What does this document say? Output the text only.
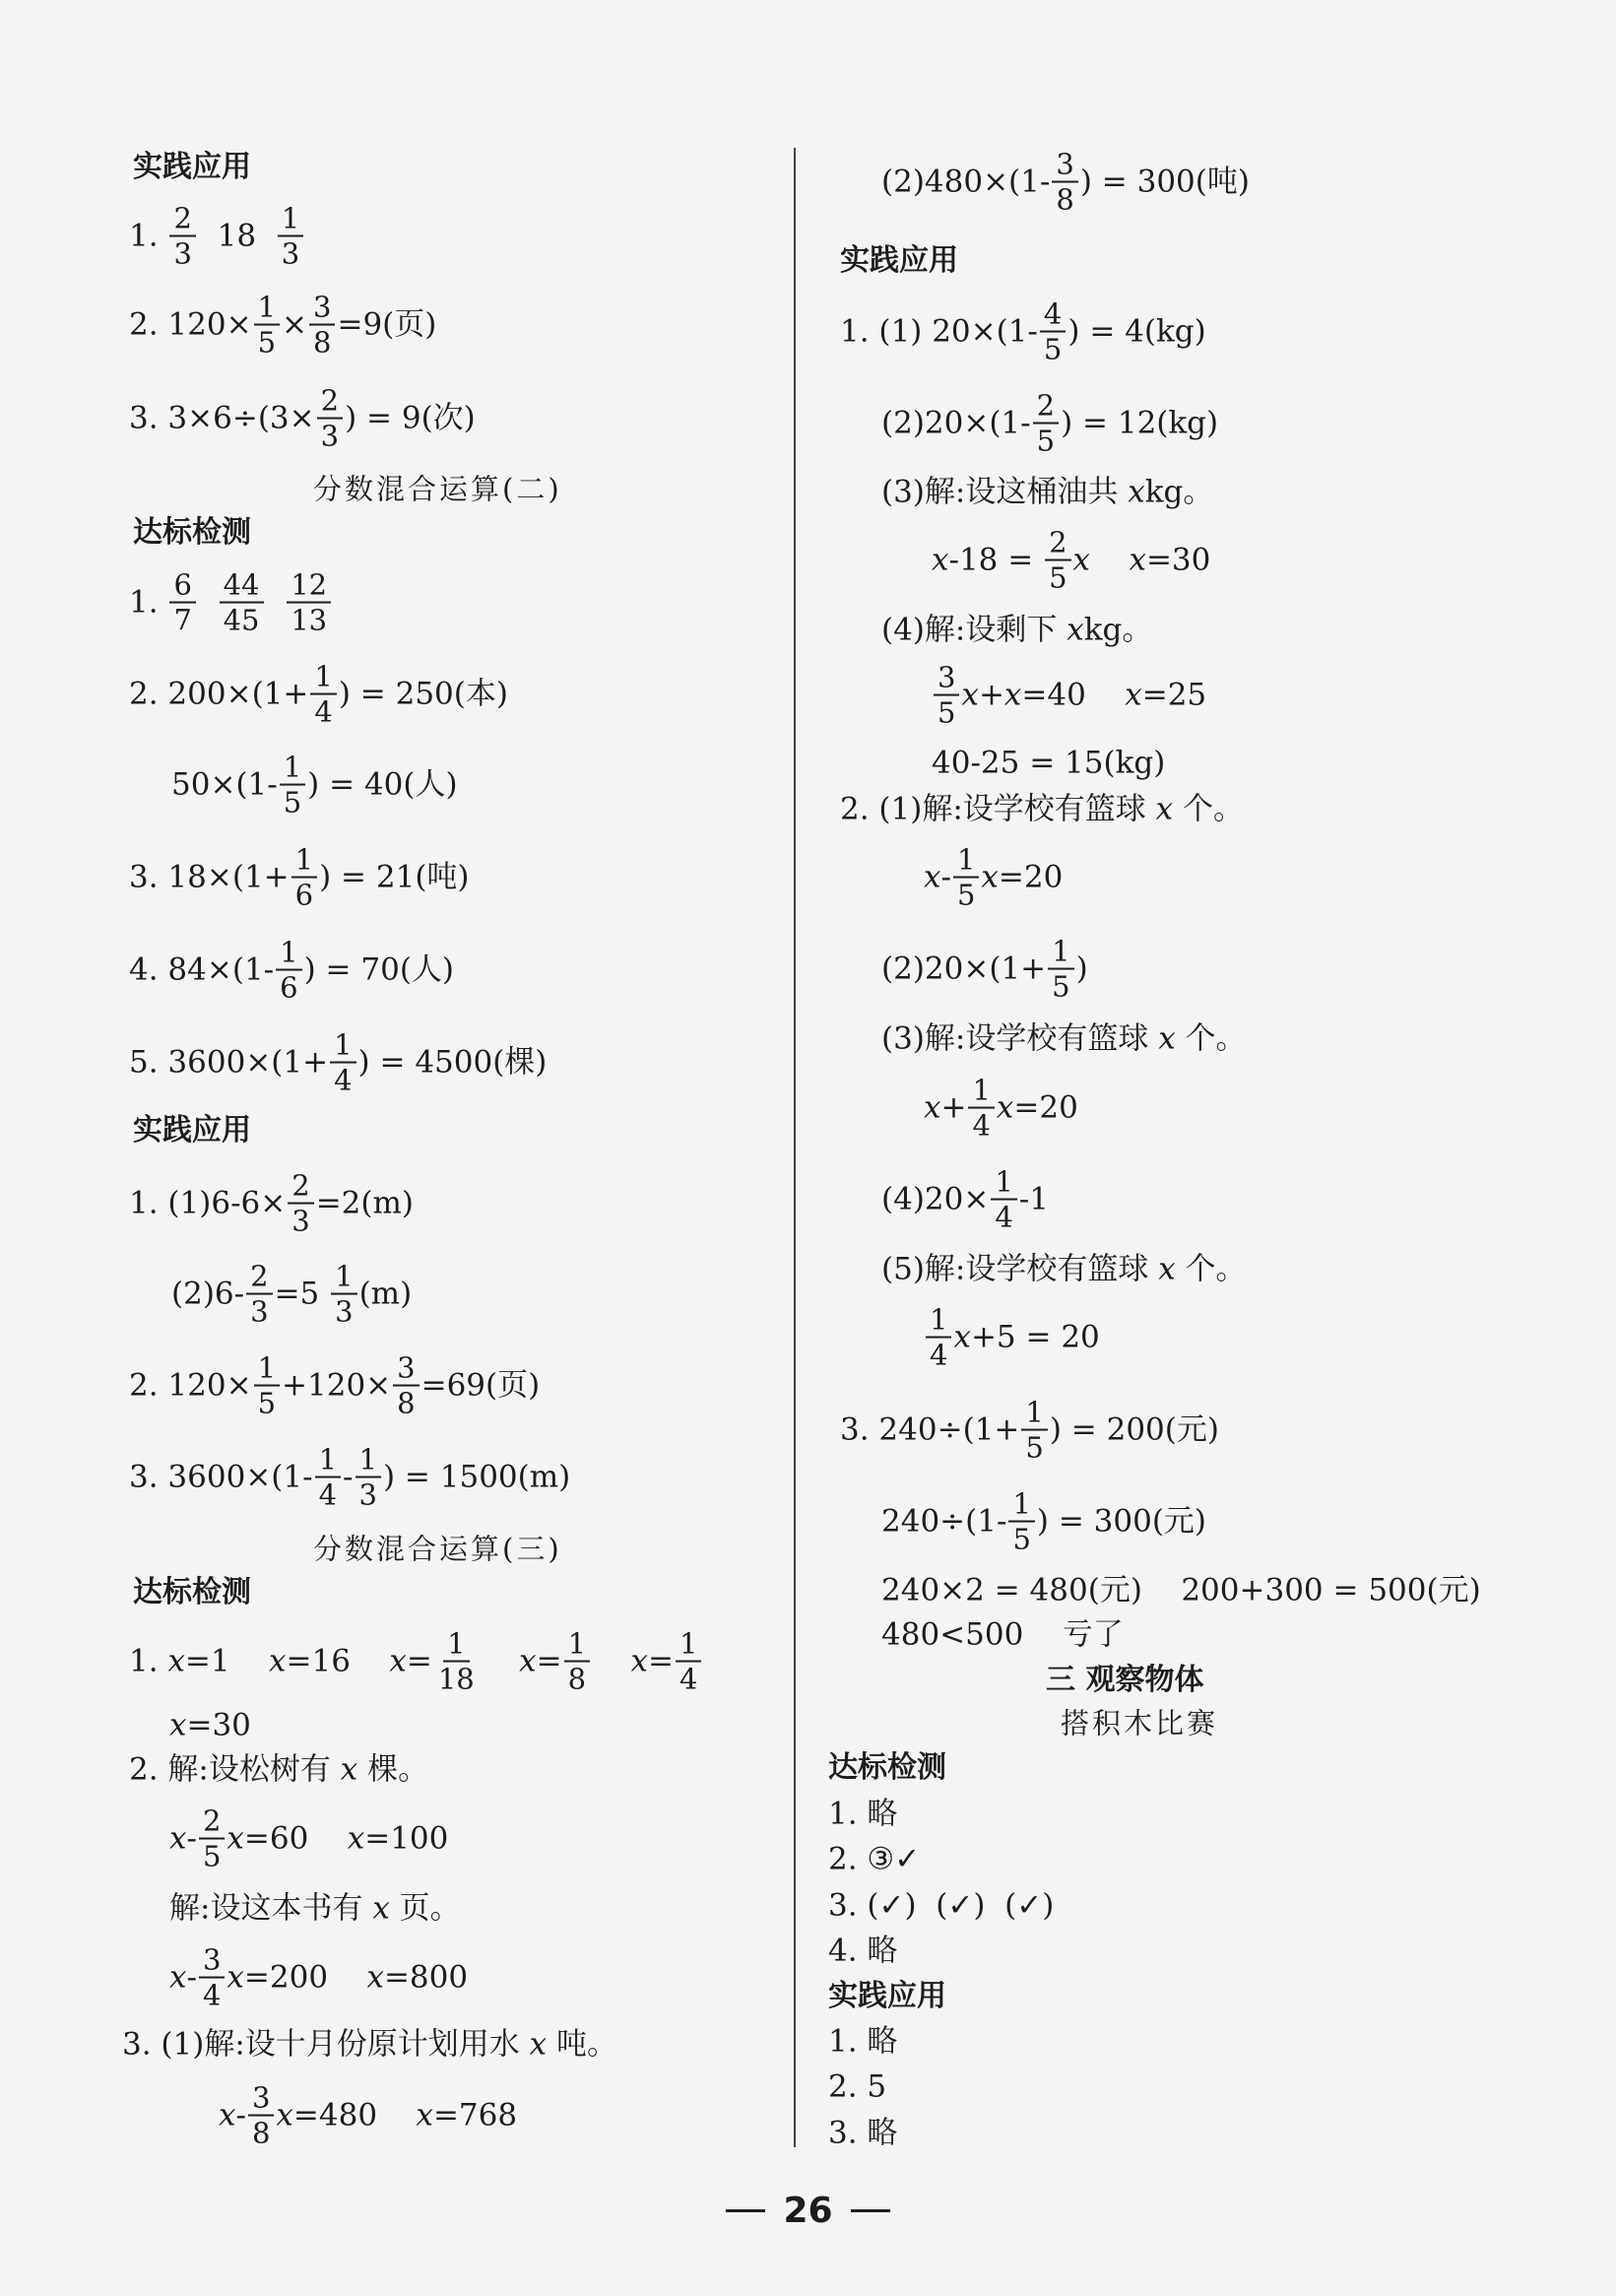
实践应用
1. $\frac{2}{3} 18 \frac{1}{3}$
2. $120\times \frac{1}{5} \times \frac{3}{8} =9$(页)
3. $3\times 6\div(3\times \frac{2}{3}$ ) = 9(次)
分数混合运算(二)
达标检测
1. $\frac{6}{7}$
$\frac{44}{45}$
$\frac{12}{13}$
2. $200\times(1+ \frac{1}{4}$ ) = 250(本)
$50\times(1- \frac{1}{5}$ ) = 40(人)
3. $18\times(1+ \frac{1}{6}$ ) = 21(吨)
4. $84\times(1- \frac{1}{6}$ ) = 70(人)
5. $3600\times(1+ \frac{1}{4}$ ) = 4500(棵)
实践应用
1. $(1)6-6\times \frac{2}{3} =2(m)$
$(2)6- \frac{2}{3} =5 \frac{1}{3} (m)$
2. $120\times \frac{1}{5} +120\times \frac{3}{8} =69$(页)
3. $3600\times(1- \frac{1}{4} - \frac{1}{3}$ ) = 1500(m)
分数混合运算(三)
达标检测
1. x =1 x =16 $x = \frac{1}{18}$
$x = \frac{1}{8}$
$x = \frac{1}{4}$
x =30
2. 解:设松树有 x 棵。
x - $\frac{2}{5}$ x =60 x =100
解:设这本书有 x 页。
x - $\frac{3}{4}$ x =200 x =800
3. (1)解:设十月份原计划用水 x 吨。
x - $\frac{3}{8}$ x =480 x =768
$(2)480\times(1- \frac{3}{8}$ ) = 300(吨)
实践应用
1. (1) $20\times(1- \frac{4}{5}$ ) = 4(kg)
$(2)20\times(1- \frac{2}{5}$ ) = 12(kg)
(3)解:设这桶油共 x kg。
x $-18 = \frac{2}{5}$ x
x =30
(4)解:设剩下 x kg。
$\frac{3}{5}$ x + x =40 x =25
40-25 = 15(kg)
2. (1)解:设学校有篮球 x 个。
x - $\frac{1}{5}$ x =20
$(2)20\times(1+ \frac{1}{5}$ )
(3)解:设学校有篮球 x 个。
$x + \frac{1}{4}$ x =20
$(4)20\times \frac{1}{4} -1$
(5)解:设学校有篮球 x 个。
$\frac{1}{4}$ x +5 = 20
3. $240\div(1+ \frac{1}{5}$ ) = 200(元)
$240\div(1- \frac{1}{5}$ ) = 300(元)
240×2 = 480(元)    200+300 = 500(元)
480<500    亏了
三 观察物体
搭积木比赛
达标检测
1. 略
2. ③✓
3. (✓)  (✓)  (✓)
4. 略
实践应用
1. 略
2. 5
3. 略
26
